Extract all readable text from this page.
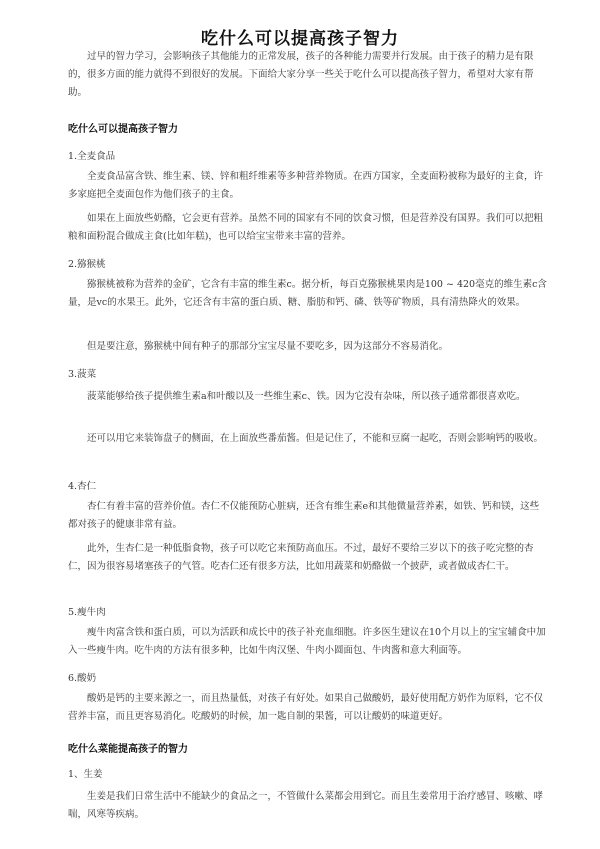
吃什么可以提高孩子智力
过早的智力学习，会影响孩子其他能力的正常发展，孩子的各种能力需要并行发展。由于孩子的精力是有限的，很多方面的能力就得不到很好的发展。下面给大家分享一些关于吃什么可以提高孩子智力，希望对大家有帮助。
吃什么可以提高孩子智力
1.全麦食品
全麦食品富含铁、维生素、镁、锌和粗纤维素等多种营养物质。在西方国家，全麦面粉被称为最好的主食，许多家庭把全麦面包作为他们孩子的主食。
如果在上面放些奶酪，它会更有营养。虽然不同的国家有不同的饮食习惯，但是营养没有国界。我们可以把粗粮和面粉混合做成主食(比如年糕)，也可以给宝宝带来丰富的营养。
2.猕猴桃
猕猴桃被称为营养的金矿，它含有丰富的维生素c。据分析，每百克猕猴桃果肉是100 ~ 420毫克的维生素c含量，是vc的水果王。此外，它还含有丰富的蛋白质、糖、脂肪和钙、磷、铁等矿物质，具有清热降火的效果。
但是要注意，猕猴桃中间有种子的那部分宝宝尽量不要吃多，因为这部分不容易消化。
3.菠菜
菠菜能够给孩子提供维生素a和叶酸以及一些维生素c、铁。因为它没有杂味，所以孩子通常都很喜欢吃。
还可以用它来装饰盘子的侧面，在上面放些番茄酱。但是记住了，不能和豆腐一起吃，否则会影响钙的吸收。
4.杏仁
杏仁有着丰富的营养价值。杏仁不仅能预防心脏病，还含有维生素e和其他微量营养素，如铁、钙和镁，这些都对孩子的健康非常有益。
此外，生杏仁是一种低脂食物，孩子可以吃它来预防高血压。不过，最好不要给三岁以下的孩子吃完整的杏仁，因为很容易堵塞孩子的气管。吃杏仁还有很多方法，比如用蔬菜和奶酪做一个披萨，或者做成杏仁干。
5.瘦牛肉
瘦牛肉富含铁和蛋白质，可以为活跃和成长中的孩子补充血细胞。许多医生建议在10个月以上的宝宝辅食中加入一些瘦牛肉。吃牛肉的方法有很多种，比如牛肉汉堡、牛肉小圆面包、牛肉酱和意大利面等。
6.酸奶
酸奶是钙的主要来源之一，而且热量低，对孩子有好处。如果自己做酸奶，最好使用配方奶作为原料，它不仅营养丰富，而且更容易消化。吃酸奶的时候，加一匙自制的果酱，可以让酸奶的味道更好。
吃什么菜能提高孩子的智力
1、生姜
生姜是我们日常生活中不能缺少的食品之一，不管做什么菜都会用到它。而且生姜常用于治疗感冒、咳嗽、哮喘，风寒等疾病。
